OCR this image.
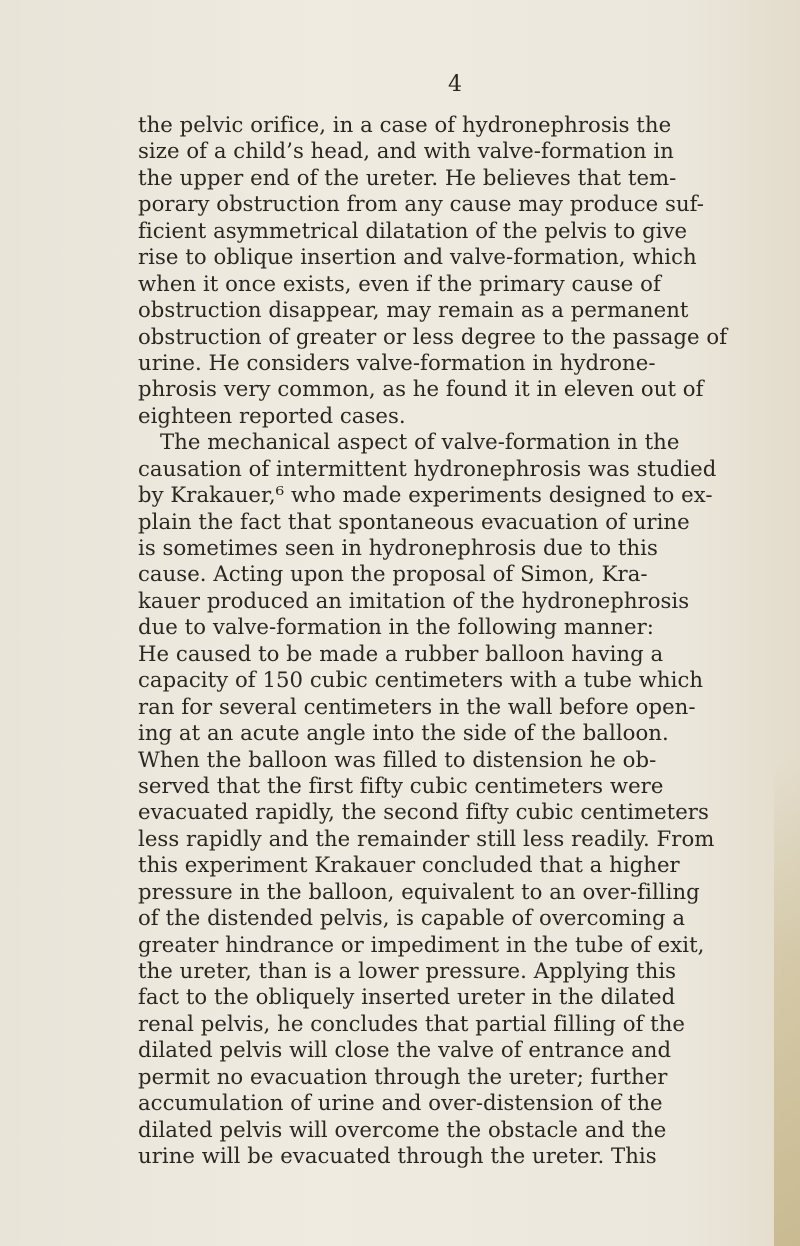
4

the pelvic orifice, in a case of hydronephrosis the
size of a child’s head, and with valve-formation in
the upper end of the ureter. He believes that tem-
porary obstruction from any cause may produce suf-
ficient asymmetrical dilatation of the pelvis to give
rise to oblique insertion and valve-formation, which
when it once exists, even if the primary cause of
obstruction disappear, may remain as a permanent
obstruction of greater or less degree to the passage of
urine. He considers valve-formation in hydrone-
phrosis very common, as he found it in eleven out of
eighteen reported cases.
The mechanical aspect of valve-formation in the
causation of intermittent hydronephrosis was studied
by Krakauer,⁶ who made experiments designed to ex-
plain the fact that spontaneous evacuation of urine
is sometimes seen in hydronephrosis due to this
cause. Acting upon the proposal of Simon, Kra-
kauer produced an imitation of the hydronephrosis
due to valve-formation in the following manner:
He caused to be made a rubber balloon having a
capacity of 150 cubic centimeters with a tube which
ran for several centimeters in the wall before open-
ing at an acute angle into the side of the balloon.
When the balloon was filled to distension he ob-
served that the first fifty cubic centimeters were
evacuated rapidly, the second fifty cubic centimeters
less rapidly and the remainder still less readily. From
this experiment Krakauer concluded that a higher
pressure in the balloon, equivalent to an over-filling
of the distended pelvis, is capable of overcoming a
greater hindrance or impediment in the tube of exit,
the ureter, than is a lower pressure. Applying this
fact to the obliquely inserted ureter in the dilated
renal pelvis, he concludes that partial filling of the
dilated pelvis will close the valve of entrance and
permit no evacuation through the ureter; further
accumulation of urine and over-distension of the
dilated pelvis will overcome the obstacle and the
urine will be evacuated through the ureter. This
